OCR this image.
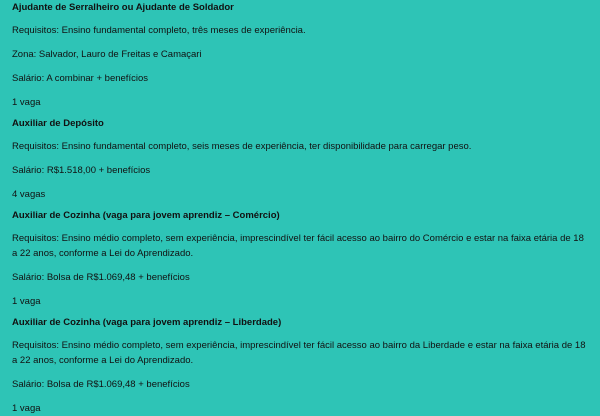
Ajudante de Serralheiro ou Ajudante de Soldador

Requisitos: Ensino fundamental completo, três meses de experiência.

Zona: Salvador, Lauro de Freitas e Camaçari

Salário: A combinar + benefícios

1 vaga

Auxiliar de Depósito

Requisitos: Ensino fundamental completo, seis meses de experiência, ter disponibilidade para carregar peso.

Salário: R$1.518,00 + benefícios

4 vagas

Auxiliar de Cozinha (vaga para jovem aprendiz – Comércio)

Requisitos: Ensino médio completo, sem experiência, imprescindível ter fácil acesso ao bairro do Comércio e estar na faixa etária de 18 a 22 anos, conforme a Lei do Aprendizado.

Salário: Bolsa de R$1.069,48 + benefícios

1 vaga

Auxiliar de Cozinha (vaga para jovem aprendiz – Liberdade)

Requisitos: Ensino médio completo, sem experiência, imprescindível ter fácil acesso ao bairro da Liberdade e estar na faixa etária de 18 a 22 anos, conforme a Lei do Aprendizado.

Salário: Bolsa de R$1.069,48 + benefícios

1 vaga
